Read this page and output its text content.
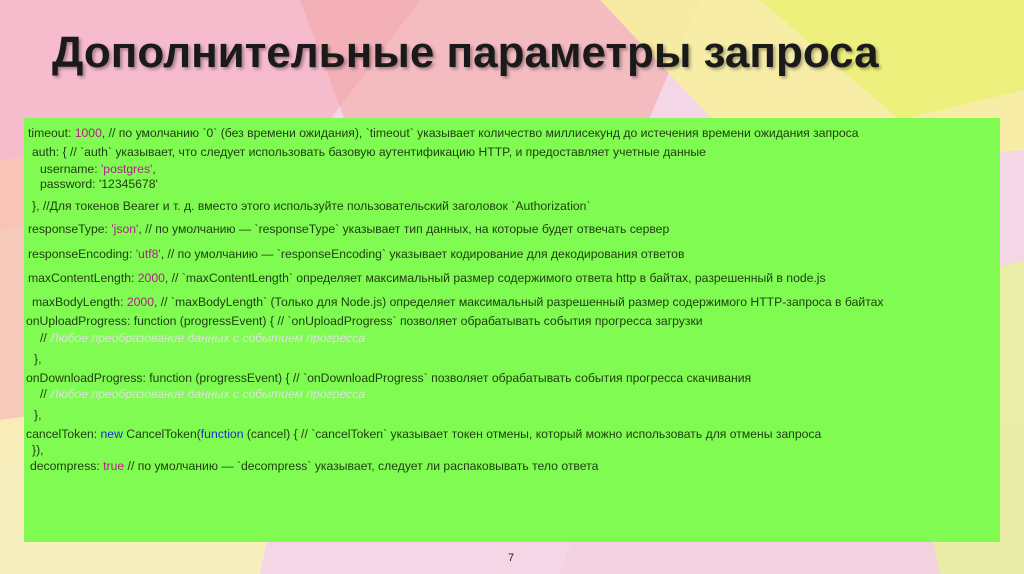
Дополнительные параметры запроса
timeout: 1000, // по умолчанию `0` (без времени ожидания), `timeout` указывает количество миллисекунд до истечения времени ожидания запроса
auth: { // `auth` указывает, что следует использовать базовую аутентификацию HTTP, и предоставляет учетные данные
username: 'postgres',
password: '12345678'
}, //Для токенов Bearer и т. д. вместо этого используйте пользовательский заголовок `Authorization`
responseType: 'json', // по умолчанию — `responseType` указывает тип данных, на которые будет отвечать сервер
responseEncoding: 'utf8', // по умолчанию — `responseEncoding` указывает кодирование для декодирования ответов
maxContentLength: 2000, // `maxContentLength` определяет максимальный размер содержимого ответа http в байтах, разрешенный в node.js
maxBodyLength: 2000, // `maxBodyLength` (Только для Node.js) определяет максимальный разрешенный размер содержимого HTTP-запроса в байтах
onUploadProgress: function (progressEvent) { // `onUploadProgress` позволяет обрабатывать события прогресса загрузки
// Любое преобразование данных с событием прогресса
},
onDownloadProgress: function (progressEvent) { // `onDownloadProgress` позволяет обрабатывать события прогресса скачивания
// Любое преобразование данных с событием прогресса
},
cancelToken: new CancelToken(function (cancel) { // `cancelToken` указывает токен отмены, который можно использовать для отмены запроса
}),
decompress: true // по умолчанию — `decompress` указывает, следует ли распаковывать тело ответа
7
